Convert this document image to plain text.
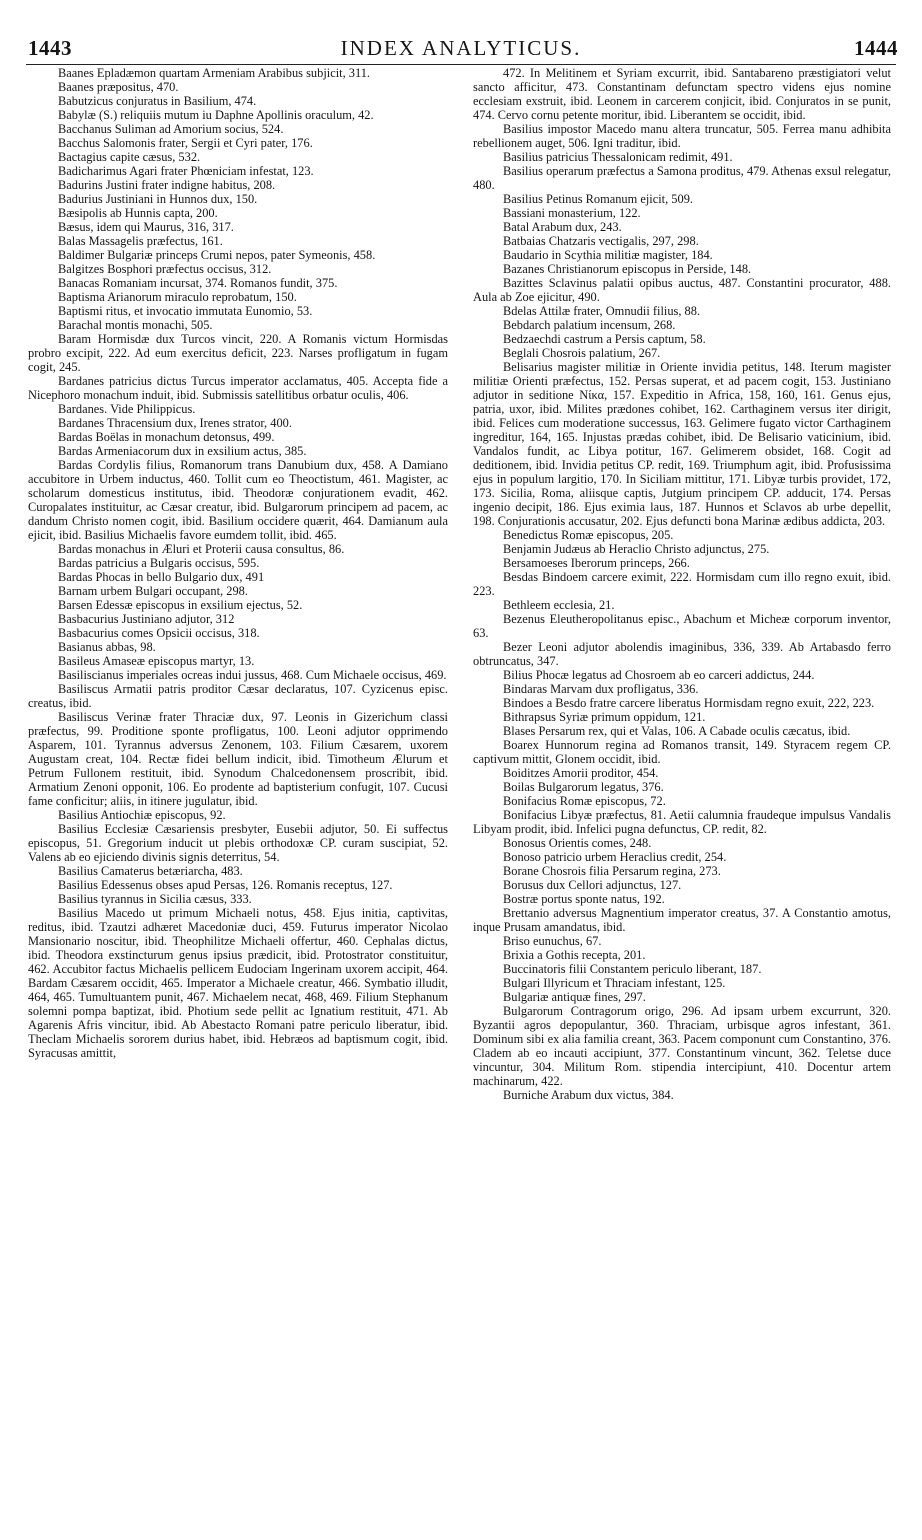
1443	INDEX ANALYTICUS.	1444

Baanes Epladæmon quartam Armeniam Arabibus subjicit, 311.

Baanes præpositus, 470.

Babutzicus conjuratus in Basilium, 474.

Babylæ (S.) reliquiis mutum iu Daphne Apollinis oraculum, 42.

Bacchanus Suliman ad Amorium socius, 524.

Bacchus Salomonis frater, Sergii et Cyri pater, 176.

Bactagius capite cæsus, 532.

Badicharimus Agari frater Phœniciam infestat, 123.

Badurins Justini frater indigne habitus, 208.

Badurius Justiniani in Hunnos dux, 150.

Bæsipolis ab Hunnis capta, 200.

Bæsus, idem qui Maurus, 316, 317.

Balas Massagelis præfectus, 161.

Baldimer Bulgariæ princeps Crumi nepos, pater Symeonis, 458.

Balgitzes Bosphori præfectus occisus, 312.

Banacas Romaniam incursat, 374. Romanos fundit, 375.

Baptisma Arianorum miraculo reprobatum, 150.

Baptismi ritus, et invocatio immutata Eunomio, 53.

Barachal montis monachi, 505.

Baram Hormisdæ dux Turcos vincit, 220. A Romanis victum Hormisdas probro excipit, 222. Ad eum exercitus deficit, 223. Narses profligatum in fugam cogit, 245.

Bardanes patricius dictus Turcus imperator acclamatus, 405. Accepta fide a Nicephoro monachum induit, ibid. Submissis satellitibus orbatur oculis, 406.

Bardanes. Vide Philippicus.

Bardanes Thracensium dux, Irenes strator, 400.

Bardas Boëlas in monachum detonsus, 499.

Bardas Armeniacorum dux in exsilium actus, 385.

Bardas Cordylis filius, Romanorum trans Danubium dux, 458. A Damiano accubitore in Urbem inductus, 460. Tollit cum eo Theoctistum, 461. Magister, ac scholarum domesticus institutus, ibid. Theodoræ conjurationem evadit, 462. Curopalates instituitur, ac Cæsar creatur, ibid. Bulgarorum principem ad pacem, ac dandum Christo nomen cogit, ibid. Basilium occidere quærit, 464. Damianum aula ejicit, ibid. Basilius Michaelis favore eumdem tollit, ibid. 465.

Bardas monachus in Æluri et Proterii causa consultus, 86.

Bardas patricius a Bulgaris occisus, 595.

Bardas Phocas in bello Bulgario dux, 491

Barnam urbem Bulgari occupant, 298.

Barsen Edessæ episcopus in exsilium ejectus, 52.

Basbacurius Justiniano adjutor, 312

Basbacurius comes Opsicii occisus, 318.

Basianus abbas, 98.

Basileus Amaseæ episcopus martyr, 13.

Basiliscianus imperiales ocreas indui jussus, 468. Cum Michaele occisus, 469.

Basiliscus Armatii patris proditor Cæsar declaratus, 107. Cyzicenus episc. creatus, ibid.

Basiliscus Verinæ frater Thraciæ dux, 97. Leonis in Gizerichum classi præfectus, 99. Proditione sponte profligatus, 100. Leoni adjutor opprimendo Asparem, 101. Tyrannus adversus Zenonem, 103. Filium Cæsarem, uxorem Augustam creat, 104. Rectæ fidei bellum indicit, ibid. Timotheum Ælurum et Petrum Fullonem restituit, ibid. Synodum Chalcedonensem proscribit, ibid. Armatium Zenoni opponit, 106. Eo prodente ad baptisterium confugit, 107. Cucusi fame conficitur; aliis, in itinere jugulatur, ibid.

Basilius Antiochiæ episcopus, 92.

Basilius Ecclesiæ Cæsariensis presbyter, Eusebii adjutor, 50. Ei suffectus episcopus, 51. Gregorium inducit ut plebis orthodoxæ CP. curam suscipiat, 52. Valens ab eo ejiciendo divinis signis deterritus, 54.

Basilius Camaterus betæriarcha, 483.

Basilius Edessenus obses apud Persas, 126. Romanis receptus, 127.

Basilius tyrannus in Sicilia cæsus, 333.

Basilius Macedo ut primum Michaeli notus, 458. Ejus initia, captivitas, reditus, ibid. Tzautzi adhæret Macedoniæ duci, 459. Futurus imperator Nicolao Mansionario noscitur, ibid. Theophilitze Michaeli offertur, 460. Cephalas dictus, ibid. Theodora exstincturum genus ipsius prædicit, ibid. Protostrator constituitur, 462. Accubitor factus Michaelis pellicem Eudociam Ingerinam uxorem accipit, 464. Bardam Cæsarem occidit, 465. Imperator a Michaele creatur, 466. Symbatio illudit, 464, 465. Tumultuantem punit, 467. Michaelem necat, 468, 469. Filium Stephanum solemni pompa baptizat, ibid. Photium sede pellit ac Ignatium restituit, 471. Ab Agarenis Afris vincitur, ibid. Ab Abestacto Romani patre periculo liberatur, ibid. Theclam Michaelis sororem durius habet, ibid. Hebræos ad baptismum cogit, ibid. Syracusas amittit,

472. In Melitinem et Syriam excurrit, ibid. Santabareno præstigiatori velut sancto afficitur, 473. Constantinam defunctam spectro videns ejus nomine ecclesiam exstruit, ibid. Leonem in carcerem conjicit, ibid. Conjuratos in se punit, 474. Cervo cornu petente moritur, ibid. Liberantem se occidit, ibid.

Basilius impostor Macedo manu altera truncatur, 505. Ferrea manu adhibita rebellionem auget, 506. Igni traditur, ibid.

Basilius patricius Thessalonicam redimit, 491.

Basilius operarum præfectus a Samona proditus, 479. Athenas exsul relegatur, 480.

Basilius Petinus Romanum ejicit, 509.

Bassiani monasterium, 122.

Batal Arabum dux, 243.

Batbaias Chatzaris vectigalis, 297, 298.

Baudario in Scythia militiæ magister, 184.

Bazanes Christianorum episcopus in Perside, 148.

Bazittes Sclavinus palatii opibus auctus, 487. Constantini procurator, 488. Aula ab Zoe ejicitur, 490.

Bdelas Attilæ frater, Omnudii filius, 88.

Bebdarch palatium incensum, 268.

Bedzaechdi castrum a Persis captum, 58.

Beglali Chosrois palatium, 267.

Belisarius magister militiæ in Oriente invidia petitus, 148. Iterum magister militiæ Orienti præfectus, 152. Persas superat, et ad pacem cogit, 153. Justiniano adjutor in seditione Nίκα, 157. Expeditio in Africa, 158, 160, 161. Genus ejus, patria, uxor, ibid. Milites prædones cohibet, 162. Carthaginem versus iter dirigit, ibid. Felices cum moderatione successus, 163. Gelimere fugato victor Carthaginem ingreditur, 164, 165. Injustas prædas cohibet, ibid. De Belisario vaticinium, ibid. Vandalos fundit, ac Libya potitur, 167. Gelimerem obsidet, 168. Cogit ad deditionem, ibid. Invidia petitus CP. redit, 169. Triumphum agit, ibid. Profusissima ejus in populum largitio, 170. In Siciliam mittitur, 171. Libyæ turbis providet, 172, 173. Sicilia, Roma, aliisque captis, Jutgium principem CP. adducit, 174. Persas ingenio decipit, 186. Ejus eximia laus, 187. Hunnos et Sclavos ab urbe depellit, 198. Conjurationis accusatur, 202. Ejus defuncti bona Marinæ ædibus addicta, 203.

Benedictus Romæ episcopus, 205.

Benjamin Judæus ab Heraclio Christo adjunctus, 275.

Bersamoeses Iberorum princeps, 266.

Besdas Bindoem carcere eximit, 222. Hormisdam cum illo regno exuit, ibid. 223.

Bethleem ecclesia, 21.

Bezenus Eleutheropolitanus episc., Abachum et Micheæ corporum inventor, 63.

Bezer Leoni adjutor abolendis imaginibus, 336, 339. Ab Artabasdo ferro obtruncatus, 347.

Bilius Phocæ legatus ad Chosroem ab eo carceri addictus, 244.

Bindaras Marvam dux profligatus, 336.

Bindoes a Besdo fratre carcere liberatus Hormisdam regno exuit, 222, 223.

Bithrapsus Syriæ primum oppidum, 121.

Blases Persarum rex, qui et Valas, 106. A Cabade oculis cæcatus, ibid.

Boarex Hunnorum regina ad Romanos transit, 149. Styracem regem CP. captivum mittit, Glonem occidit, ibid.

Boiditzes Amorii proditor, 454.

Boilas Bulgarorum legatus, 376.

Bonifacius Romæ episcopus, 72.

Bonifacius Libyæ præfectus, 81. Aetii calumnia fraudeque impulsus Vandalis Libyam prodit, ibid. Infelici pugna defunctus, CP. redit, 82.

Bonosus Orientis comes, 248.

Bonoso patricio urbem Heraclius credit, 254.

Borane Chosrois filia Persarum regina, 273.

Borusus dux Cellori adjunctus, 127.

Bostræ portus sponte natus, 192.

Brettanio adversus Magnentium imperator creatus, 37. A Constantio amotus, inque Prusam amandatus, ibid.

Briso eunuchus, 67.

Brixia a Gothis recepta, 201.

Buccinatoris filii Constantem periculo liberant, 187.

Bulgari Illyricum et Thraciam infestant, 125.

Bulgariæ antiquæ fines, 297.

Bulgarorum Contragorum origo, 296. Ad ipsam urbem excurrunt, 320. Byzantii agros depopulantur, 360. Thraciam, urbisque agros infestant, 361. Dominum sibi ex alia familia creant, 363. Pacem componunt cum Constantino, 376. Cladem ab eo incauti accipiunt, 377. Constantinum vincunt, 362. Teletse duce vincuntur, 304. Militum Rom. stipendia intercipiunt, 410. Docentur artem machinarum, 422.

Burniche Arabum dux victus, 384.
